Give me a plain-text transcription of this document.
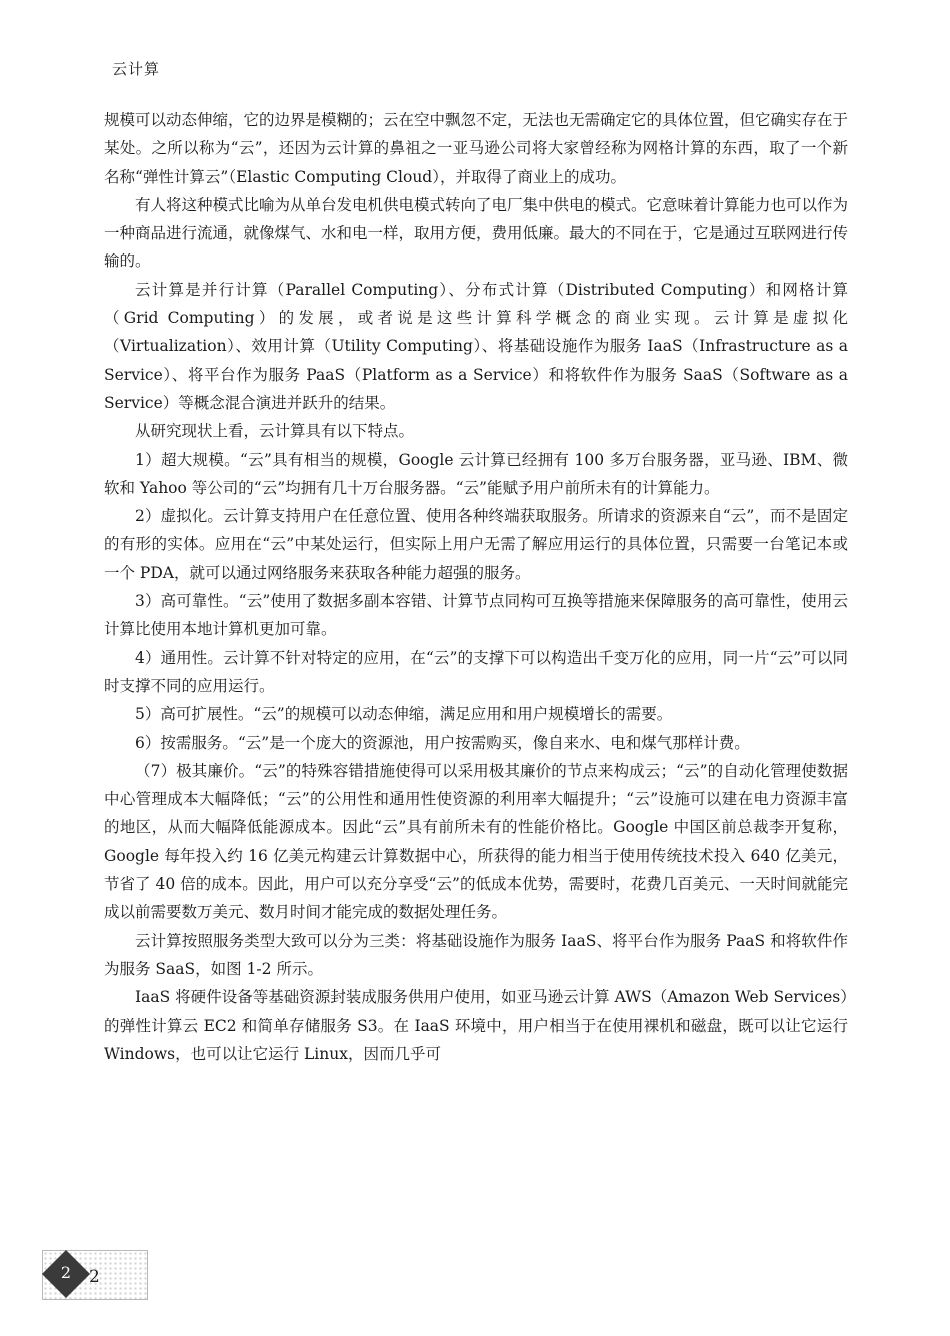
云计算

规模可以动态伸缩，它的边界是模糊的；云在空中飘忽不定，无法也无需确定它的具体位置，但它确实存在于某处。之所以称为“云”，还因为云计算的鼻祖之一亚马逊公司将大家曾经称为网格计算的东西，取了一个新名称“弹性计算云”（Elastic Computing Cloud），并取得了商业上的成功。

有人将这种模式比喻为从单台发电机供电模式转向了电厂集中供电的模式。它意味着计算能力也可以作为一种商品进行流通，就像煤气、水和电一样，取用方便，费用低廉。最大的不同在于，它是通过互联网进行传输的。

云计算是并行计算（Parallel Computing）、分布式计算（Distributed Computing）和网格计算（Grid Computing）的发展，或者说是这些计算科学概念的商业实现。云计算是虚拟化（Virtualization）、效用计算（Utility Computing）、将基础设施作为服务 IaaS（Infrastructure as a Service）、将平台作为服务 PaaS（Platform as a Service）和将软件作为服务 SaaS（Software as a Service）等概念混合演进并跃升的结果。

从研究现状上看，云计算具有以下特点。

1）超大规模。“云”具有相当的规模，Google 云计算已经拥有 100 多万台服务器，亚马逊、IBM、微软和 Yahoo 等公司的“云”均拥有几十万台服务器。“云”能赋予用户前所未有的计算能力。

2）虚拟化。云计算支持用户在任意位置、使用各种终端获取服务。所请求的资源来自“云”，而不是固定的有形的实体。应用在“云”中某处运行，但实际上用户无需了解应用运行的具体位置，只需要一台笔记本或一个 PDA，就可以通过网络服务来获取各种能力超强的服务。

3）高可靠性。“云”使用了数据多副本容错、计算节点同构可互换等措施来保障服务的高可靠性，使用云计算比使用本地计算机更加可靠。

4）通用性。云计算不针对特定的应用，在“云”的支撑下可以构造出千变万化的应用，同一片“云”可以同时支撑不同的应用运行。

5）高可扩展性。“云”的规模可以动态伸缩，满足应用和用户规模增长的需要。

6）按需服务。“云”是一个庞大的资源池，用户按需购买，像自来水、电和煤气那样计费。

（7）极其廉价。“云”的特殊容错措施使得可以采用极其廉价的节点来构成云；“云”的自动化管理使数据中心管理成本大幅降低；“云”的公用性和通用性使资源的利用率大幅提升；“云”设施可以建在电力资源丰富的地区，从而大幅降低能源成本。因此“云”具有前所未有的性能价格比。Google 中国区前总裁李开复称，Google 每年投入约 16 亿美元构建云计算数据中心，所获得的能力相当于使用传统技术投入 640 亿美元，节省了 40 倍的成本。因此，用户可以充分享受“云”的低成本优势，需要时，花费几百美元、一天时间就能完成以前需要数万美元、数月时间才能完成的数据处理任务。

云计算按照服务类型大致可以分为三类：将基础设施作为服务 IaaS、将平台作为服务 PaaS 和将软件作为服务 SaaS，如图 1-2 所示。

IaaS 将硬件设备等基础资源封装成服务供用户使用，如亚马逊云计算 AWS（Amazon Web Services）的弹性计算云 EC2 和简单存储服务 S3。在 IaaS 环境中，用户相当于在使用裸机和磁盘，既可以让它运行 Windows，也可以让它运行 Linux，因而几乎可

2 2
